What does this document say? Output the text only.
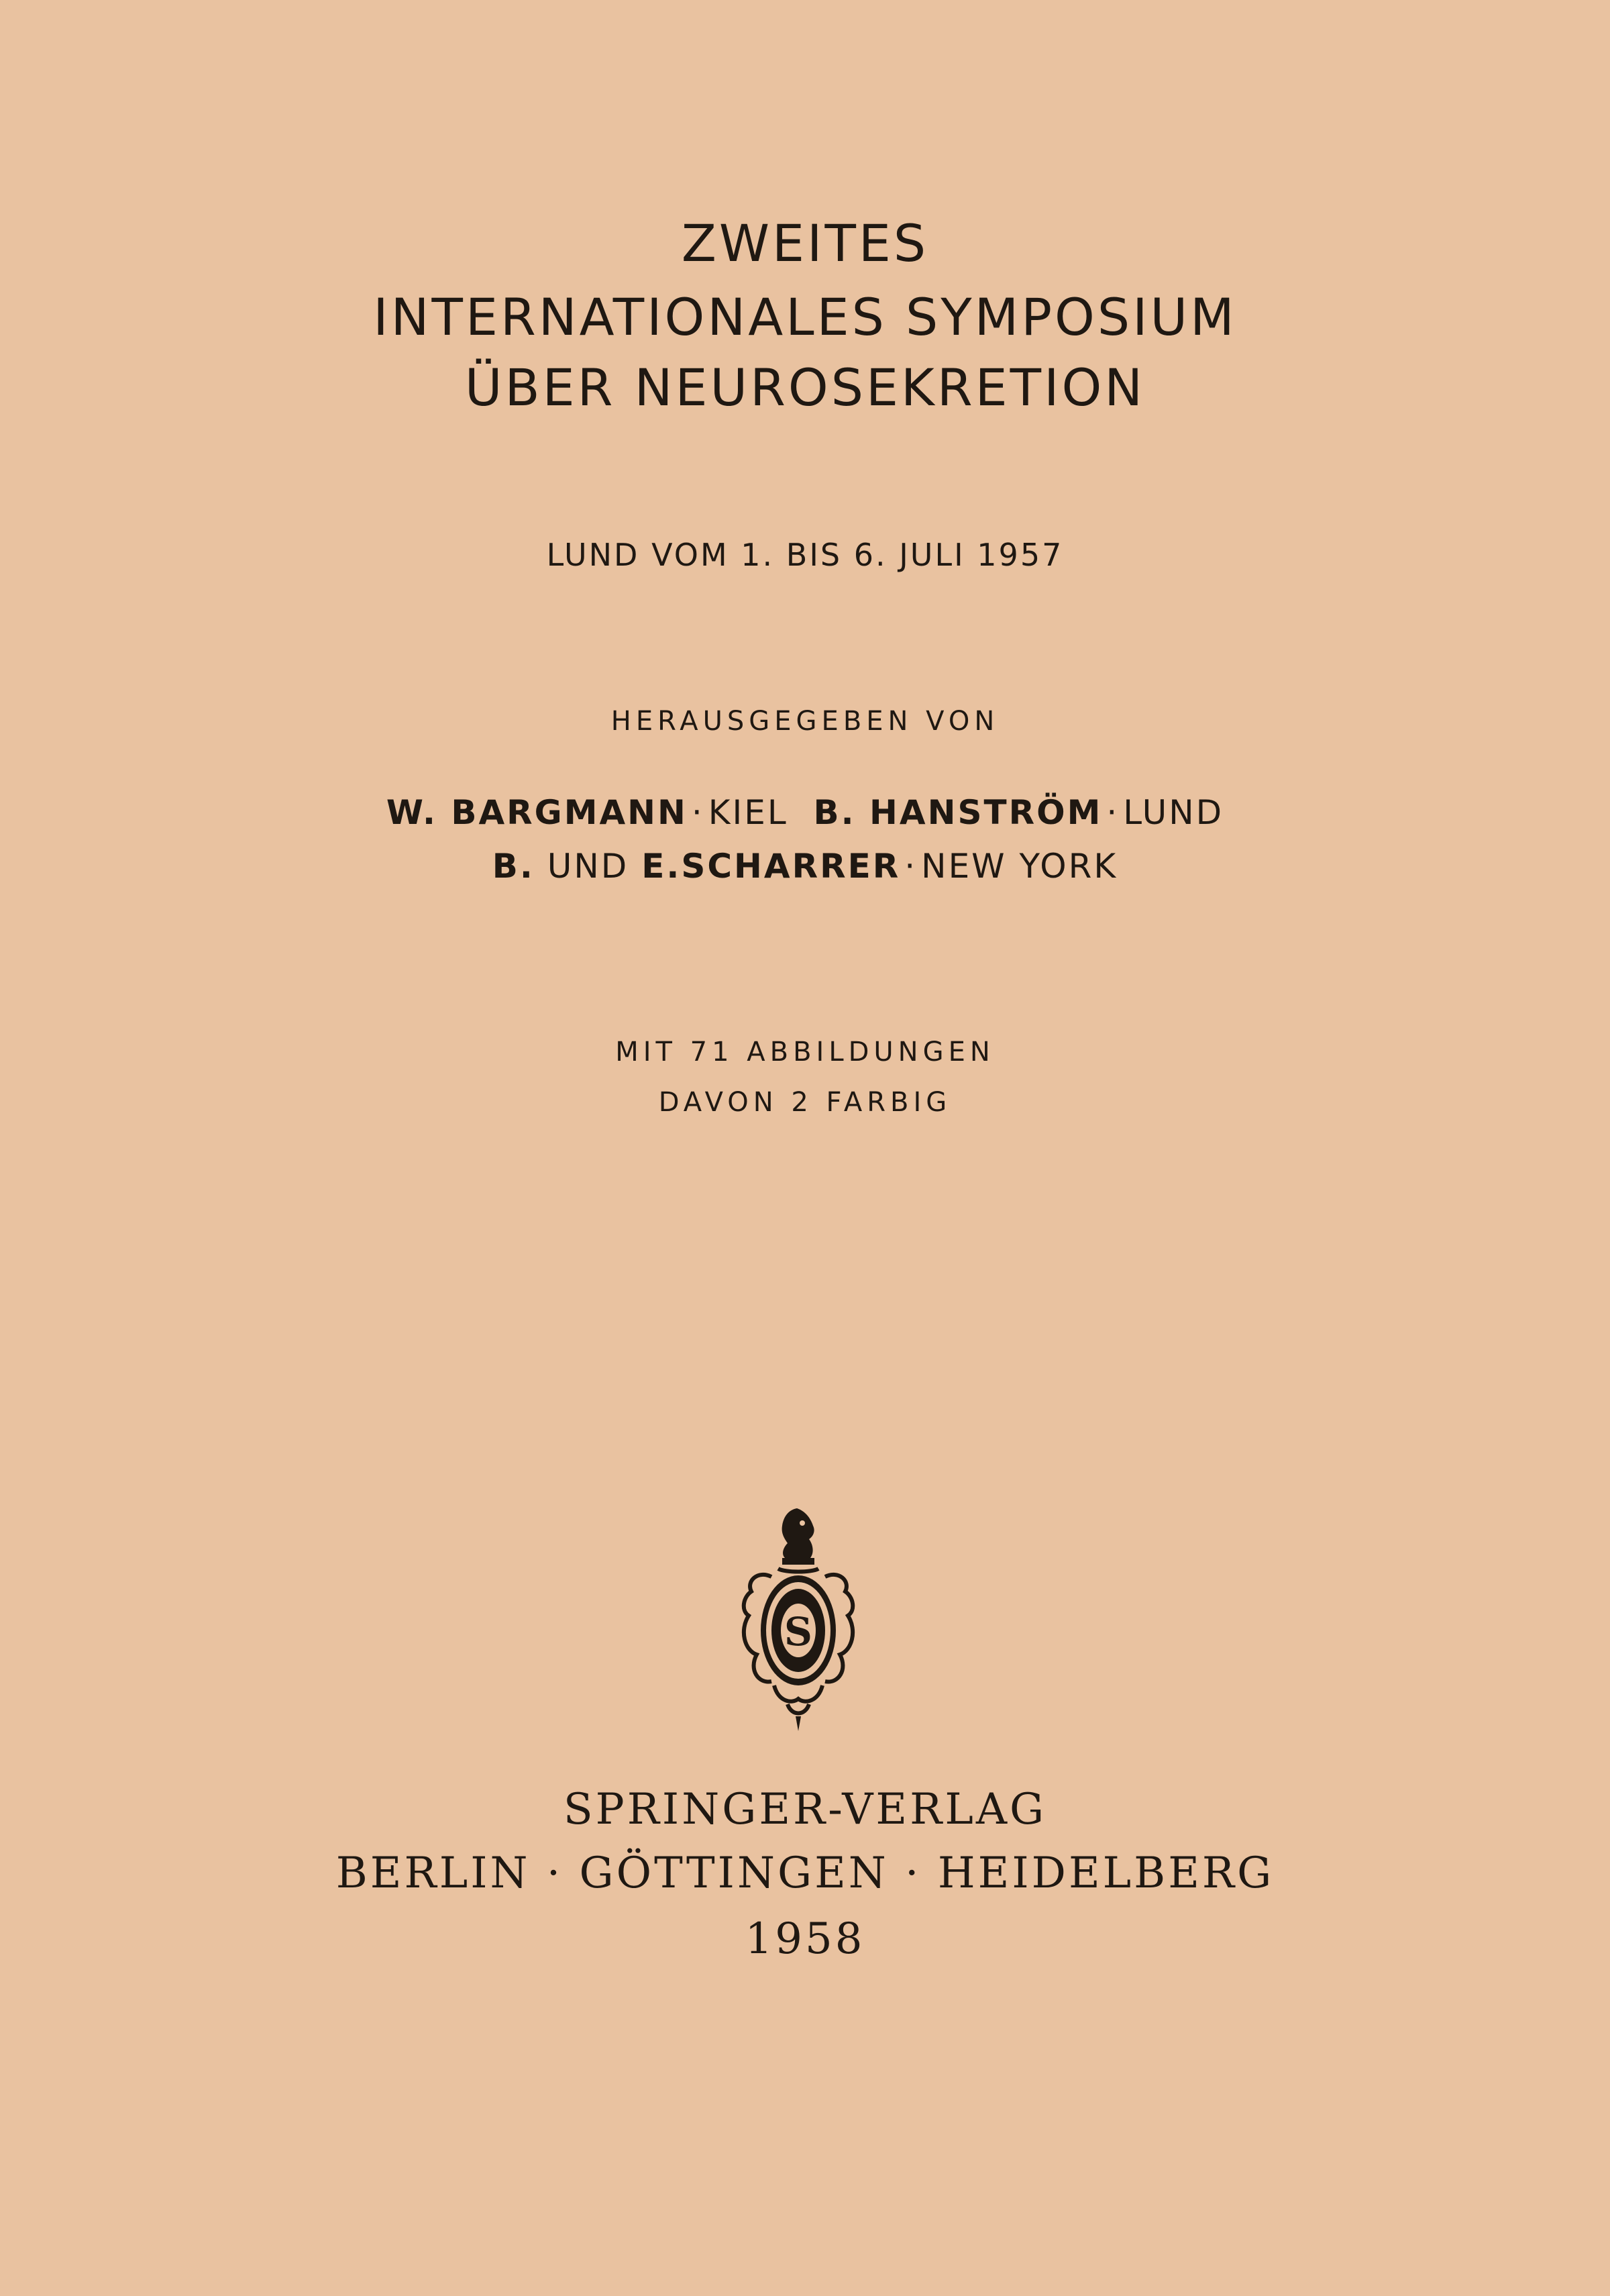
ZWEITES
INTERNATIONALES SYMPOSIUM
ÜBER NEUROSEKRETION
LUND VOM 1. BIS 6. JULI 1957
HERAUSGEGEBEN VON
W. BARGMANN · KIEL B. HANSTRÖM · LUND
B. UND E.SCHARRER · NEW YORK
MIT 71 ABBILDUNGEN
DAVON 2 FARBIG
S
SPRINGER-VERLAG
BERLIN · GÖTTINGEN · HEIDELBERG
1958
